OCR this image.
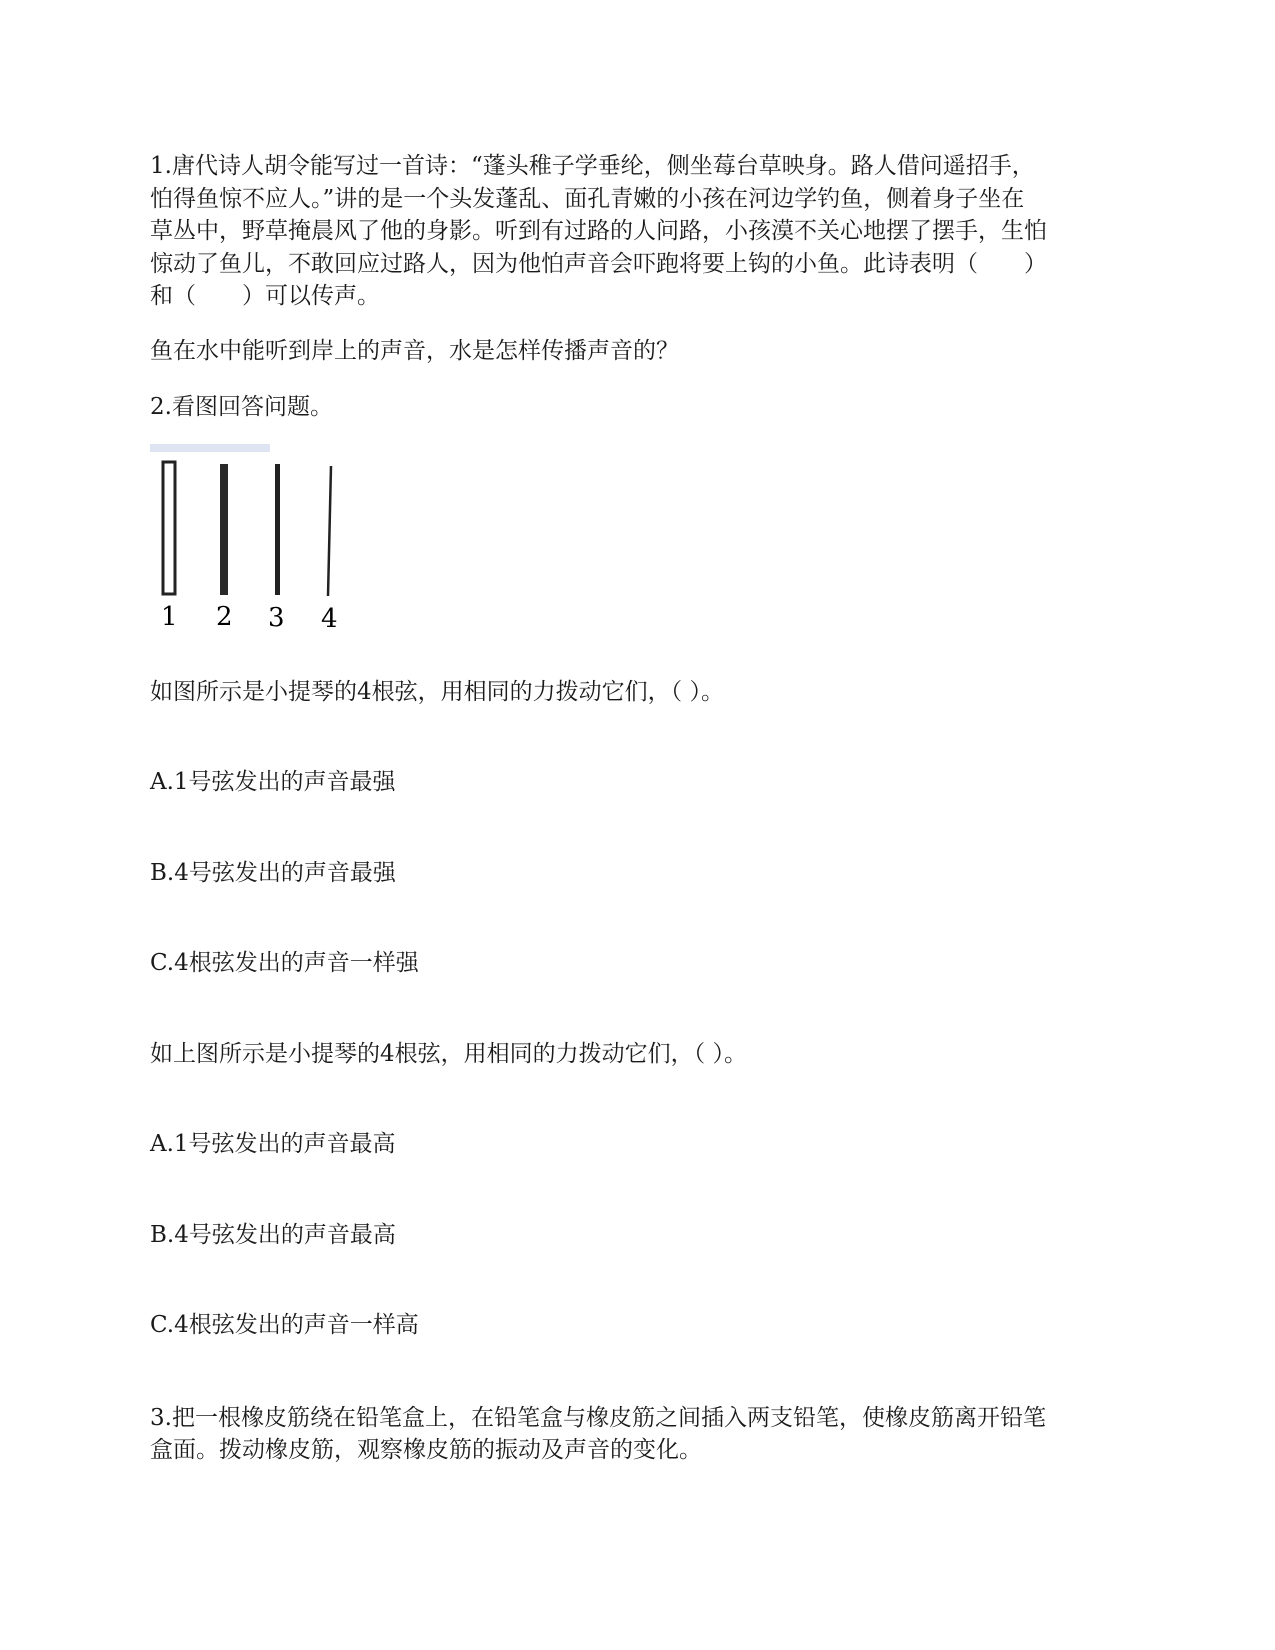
1.唐代诗人胡令能写过一首诗：“蓬头稚子学垂纶，侧坐莓台草映身。路人借问遥招手，
怕得鱼惊不应人。”讲的是一个头发蓬乱、面孔青嫩的小孩在河边学钓鱼，侧着身子坐在
草丛中，野草掩晨风了他的身影。听到有过路的人问路，小孩漠不关心地摆了摆手，生怕
惊动了鱼儿，不敢回应过路人，因为他怕声音会吓跑将要上钩的小鱼。此诗表明（　　）
和（　　）可以传声。

鱼在水中能听到岸上的声音，水是怎样传播声音的？

2.看图回答问题。

1 2 3 4

如图所示是小提琴的4根弦，用相同的力拨动它们，（ ）。

A.1号弦发出的声音最强

B.4号弦发出的声音最强

C.4根弦发出的声音一样强

如上图所示是小提琴的4根弦，用相同的力拨动它们，（ ）。

A.1号弦发出的声音最高

B.4号弦发出的声音最高

C.4根弦发出的声音一样高

3.把一根橡皮筋绕在铅笔盒上，在铅笔盒与橡皮筋之间插入两支铅笔，使橡皮筋离开铅笔
盒面。拨动橡皮筋，观察橡皮筋的振动及声音的变化。
